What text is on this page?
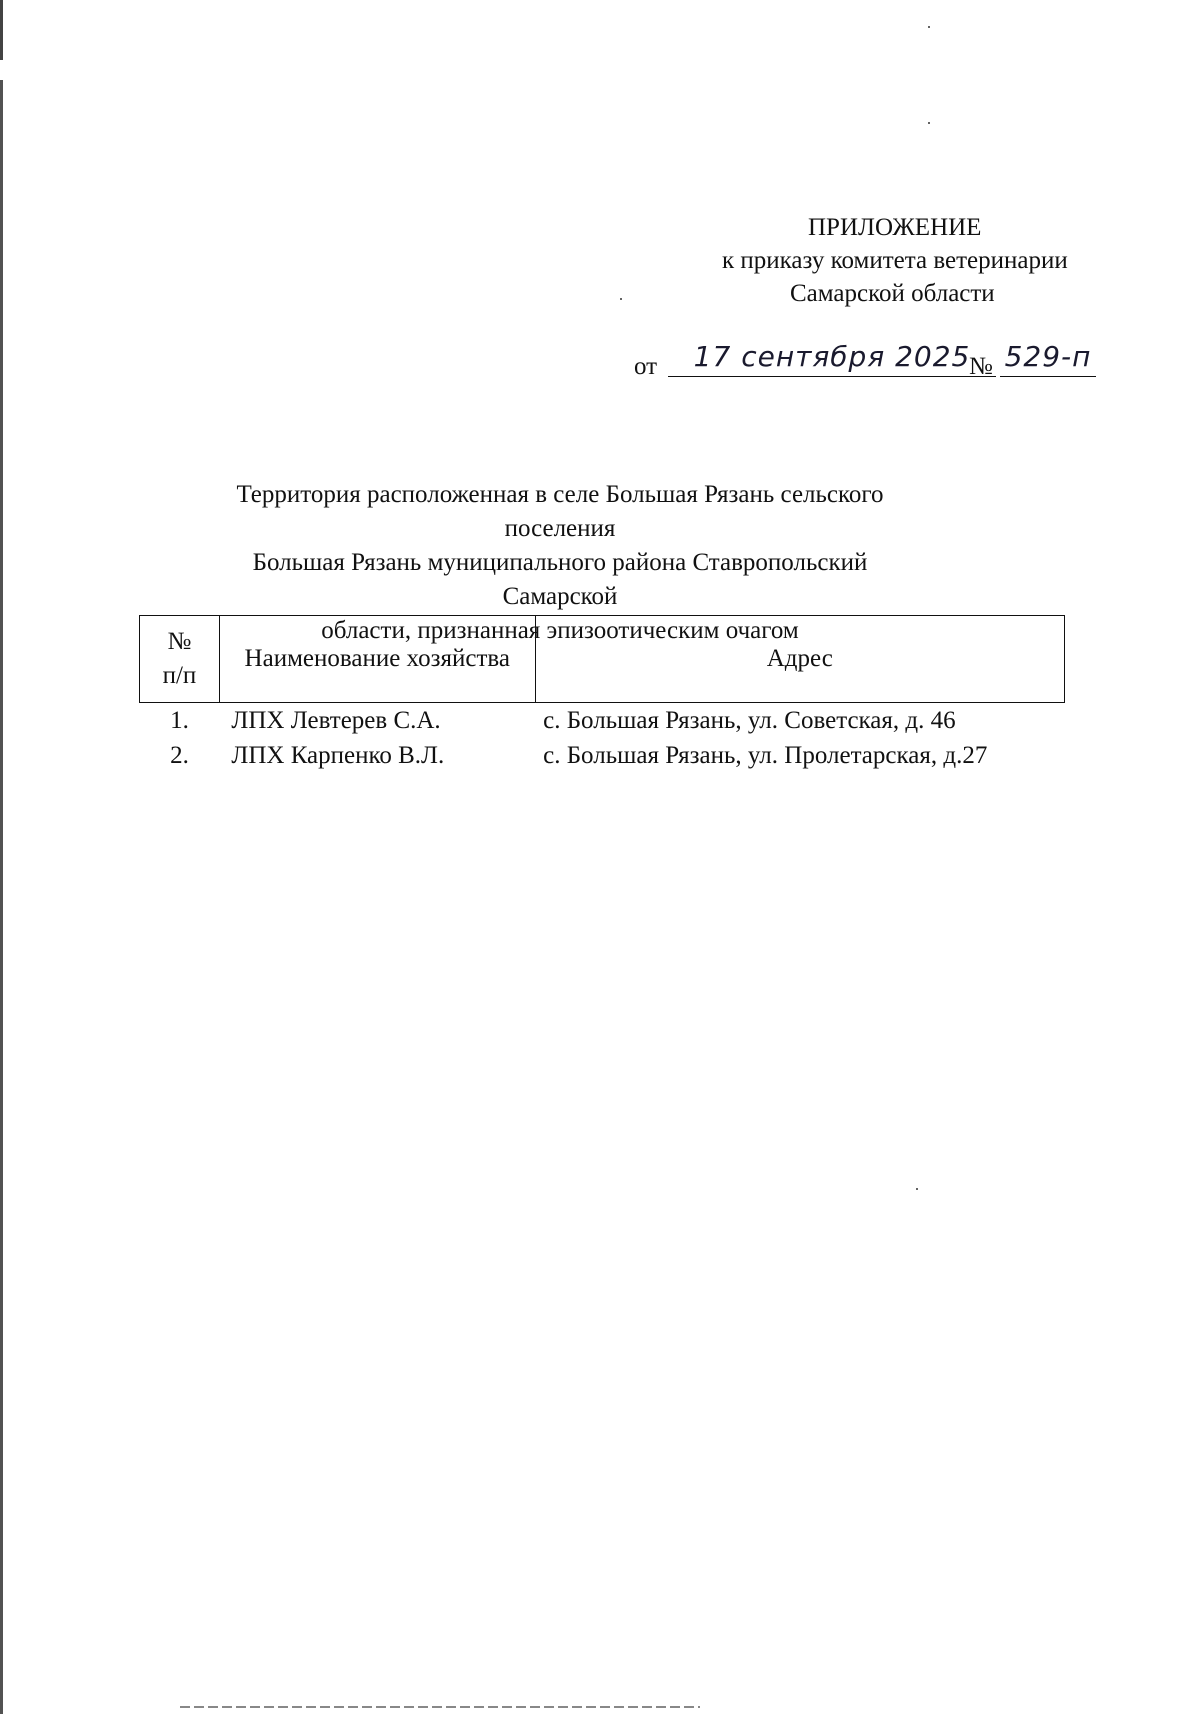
ПРИЛОЖЕНИЕ
к приказу комитета ветеринарии
Самарской области
от	17 сентября 2025
№ 529-п
Территория расположенная в селе Большая Рязань сельского поселения
Большая Рязань муниципального района Ставропольский Самарской
области, признанная эпизоотическим очагом
№
п/п	Наименование хозяйства	Адрес
1.	ЛПХ Левтерев С.А.	с. Большая Рязань, ул. Советская, д. 46
2.	ЛПХ Карпенко В.Л.	с. Большая Рязань, ул. Пролетарская, д.27
